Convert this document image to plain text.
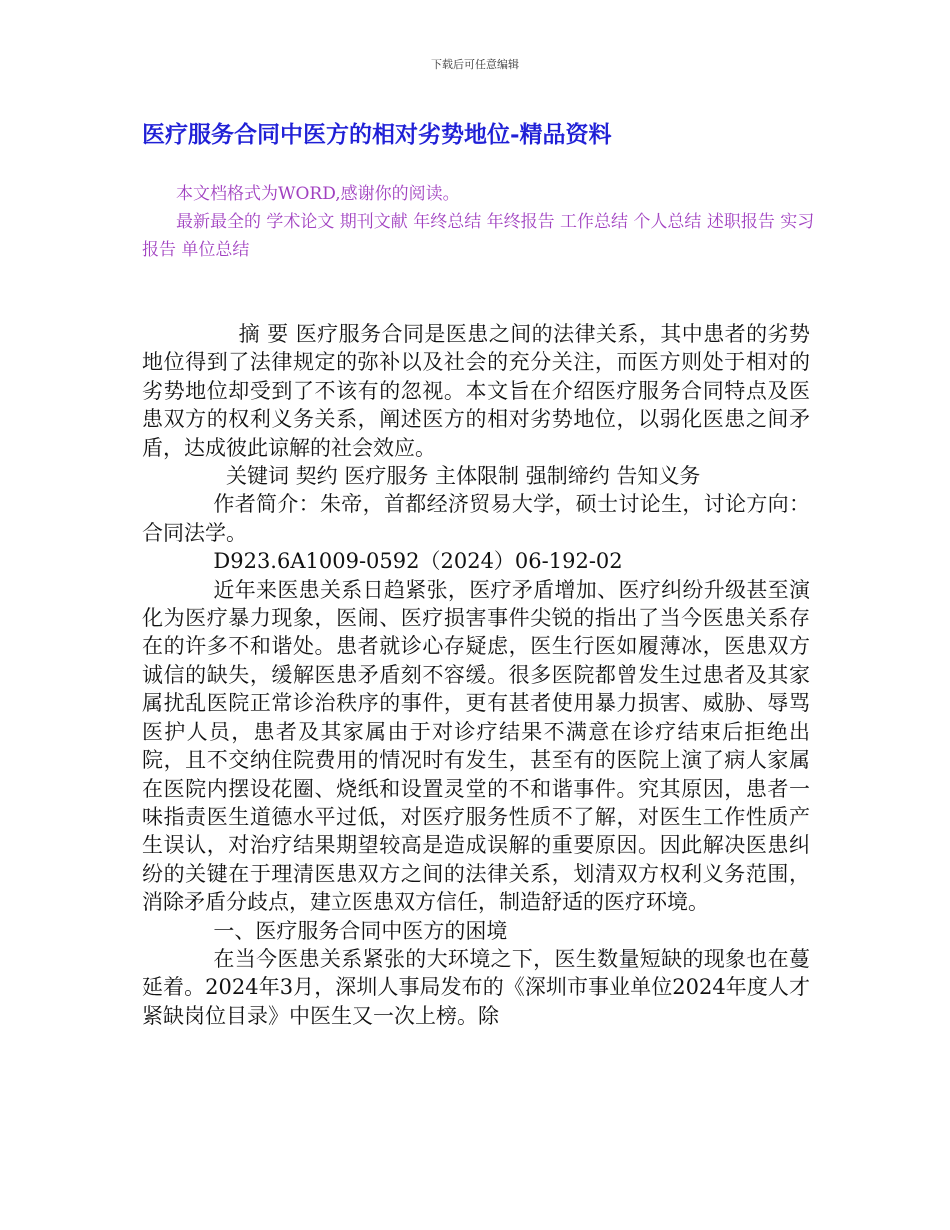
下载后可任意编辑
医疗服务合同中医方的相对劣势地位-精品资料

本文档格式为WORD,感谢你的阅读。

最新最全的 学术论文 期刊文献 年终总结 年终报告 工作总结 个人总结 述职报告 实习报告 单位总结

摘 要 医疗服务合同是医患之间的法律关系，其中患者的劣势地位得到了法律规定的弥补以及社会的充分关注，而医方则处于相对的劣势地位却受到了不该有的忽视。本文旨在介绍医疗服务合同特点及医患双方的权利义务关系，阐述医方的相对劣势地位，以弱化医患之间矛盾，达成彼此谅解的社会效应。

关键词 契约 医疗服务 主体限制 强制缔约 告知义务

作者简介：朱帝，首都经济贸易大学，硕士讨论生，讨论方向：合同法学。

D923.6A1009-0592（2024）06-192-02

近年来医患关系日趋紧张，医疗矛盾增加、医疗纠纷升级甚至演化为医疗暴力现象，医闹、医疗损害事件尖锐的指出了当今医患关系存在的许多不和谐处。患者就诊心存疑虑，医生行医如履薄冰，医患双方诚信的缺失，缓解医患矛盾刻不容缓。很多医院都曾发生过患者及其家属扰乱医院正常诊治秩序的事件，更有甚者使用暴力损害、威胁、辱骂医护人员，患者及其家属由于对诊疗结果不满意在诊疗结束后拒绝出院，且不交纳住院费用的情况时有发生，甚至有的医院上演了病人家属在医院内摆设花圈、烧纸和设置灵堂的不和谐事件。究其原因，患者一味指责医生道德水平过低，对医疗服务性质不了解，对医生工作性质产生误认，对治疗结果期望较高是造成误解的重要原因。因此解决医患纠纷的关键在于理清医患双方之间的法律关系，划清双方权利义务范围，消除矛盾分歧点，建立医患双方信任，制造舒适的医疗环境。

一、医疗服务合同中医方的困境

在当今医患关系紧张的大环境之下，医生数量短缺的现象也在蔓延着。2024年3月，深圳人事局发布的《深圳市事业单位2024年度人才紧缺岗位目录》中医生又一次上榜。除
